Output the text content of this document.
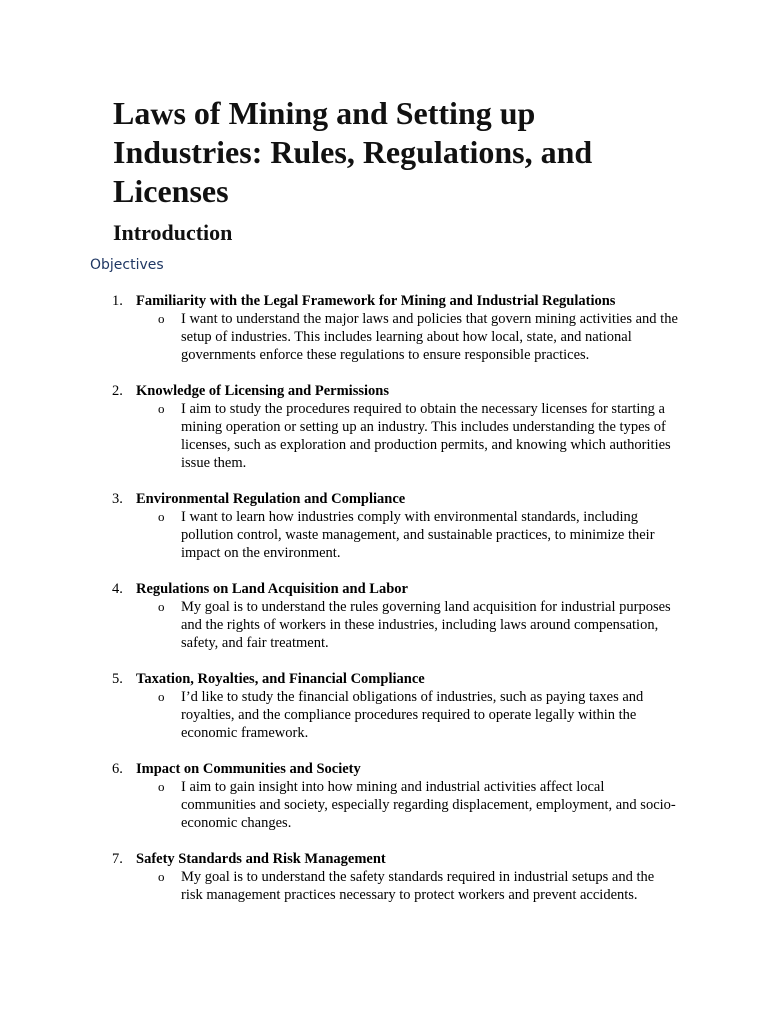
Laws of Mining and Setting up Industries: Rules, Regulations, and Licenses
Introduction
Objectives
1. Familiarity with the Legal Framework for Mining and Industrial Regulations
o I want to understand the major laws and policies that govern mining activities and the setup of industries. This includes learning about how local, state, and national governments enforce these regulations to ensure responsible practices.
2. Knowledge of Licensing and Permissions
o I aim to study the procedures required to obtain the necessary licenses for starting a mining operation or setting up an industry. This includes understanding the types of licenses, such as exploration and production permits, and knowing which authorities issue them.
3. Environmental Regulation and Compliance
o I want to learn how industries comply with environmental standards, including pollution control, waste management, and sustainable practices, to minimize their impact on the environment.
4. Regulations on Land Acquisition and Labor
o My goal is to understand the rules governing land acquisition for industrial purposes and the rights of workers in these industries, including laws around compensation, safety, and fair treatment.
5. Taxation, Royalties, and Financial Compliance
o I’d like to study the financial obligations of industries, such as paying taxes and royalties, and the compliance procedures required to operate legally within the economic framework.
6. Impact on Communities and Society
o I aim to gain insight into how mining and industrial activities affect local communities and society, especially regarding displacement, employment, and socio-economic changes.
7. Safety Standards and Risk Management
o My goal is to understand the safety standards required in industrial setups and the risk management practices necessary to protect workers and prevent accidents.
